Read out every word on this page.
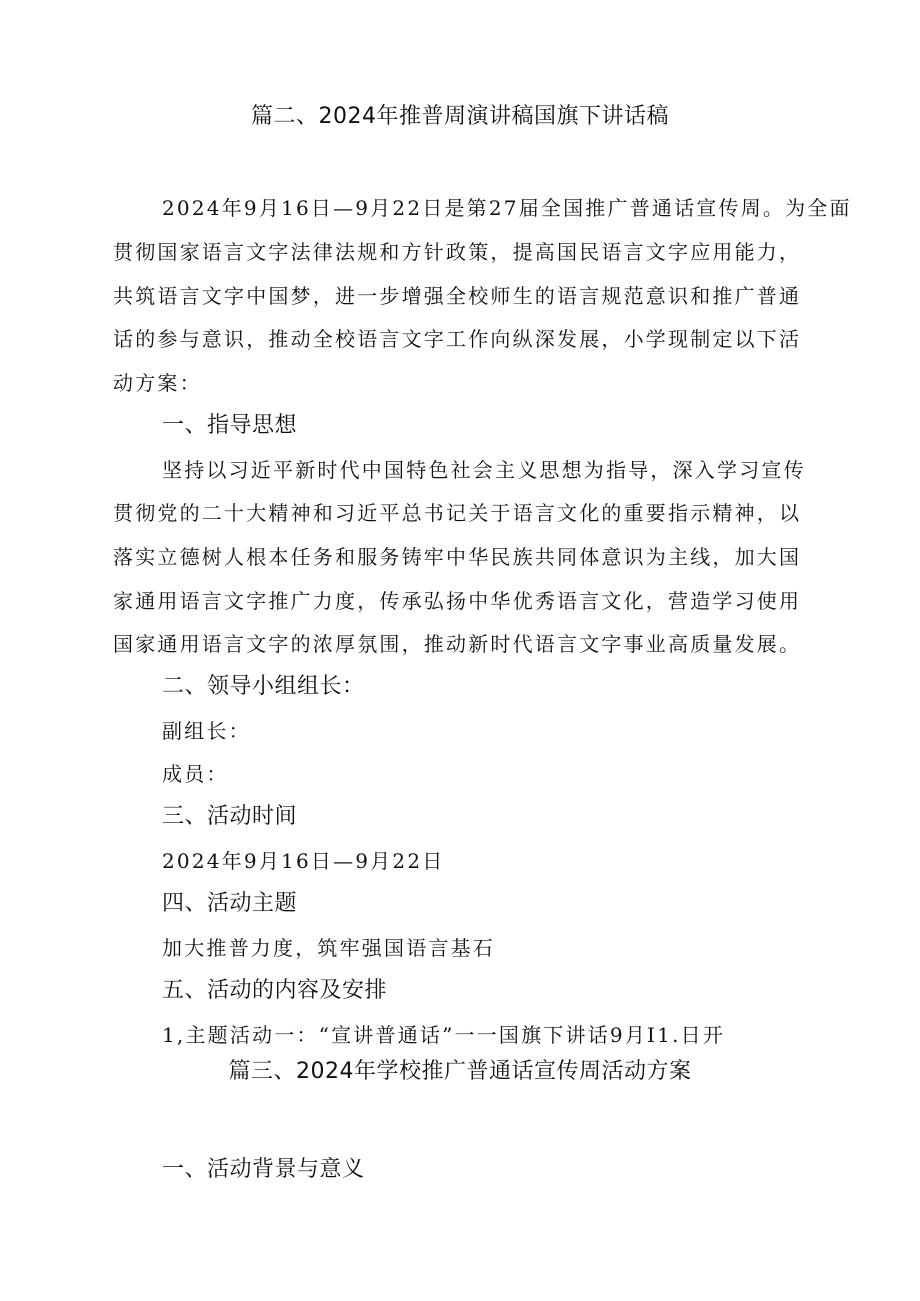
篇二、2024年推普周演讲稿国旗下讲话稿
2024年9月16日—9月22日是第27届全国推广普通话宣传周。为全面
贯彻国家语言文字法律法规和方针政策，提高国民语言文字应用能力，
共筑语言文字中国梦，进一步增强全校师生的语言规范意识和推广普通
话的参与意识，推动全校语言文字工作向纵深发展，小学现制定以下活
动方案：
一、指导思想
坚持以习近平新时代中国特色社会主义思想为指导，深入学习宣传
贯彻党的二十大精神和习近平总书记关于语言文化的重要指示精神，以
落实立德树人根本任务和服务铸牢中华民族共同体意识为主线，加大国
家通用语言文字推广力度，传承弘扬中华优秀语言文化，营造学习使用
国家通用语言文字的浓厚氛围，推动新时代语言文字事业高质量发展。
二、领导小组组长：
副组长：
成员：
三、活动时间
2024年9月16日—9月22日
四、活动主题
加大推普力度，筑牢强国语言基石
五、活动的内容及安排
1,主题活动一：“宣讲普通话”一一国旗下讲话9月I1.日开
篇三、2024年学校推广普通话宣传周活动方案
一、活动背景与意义
